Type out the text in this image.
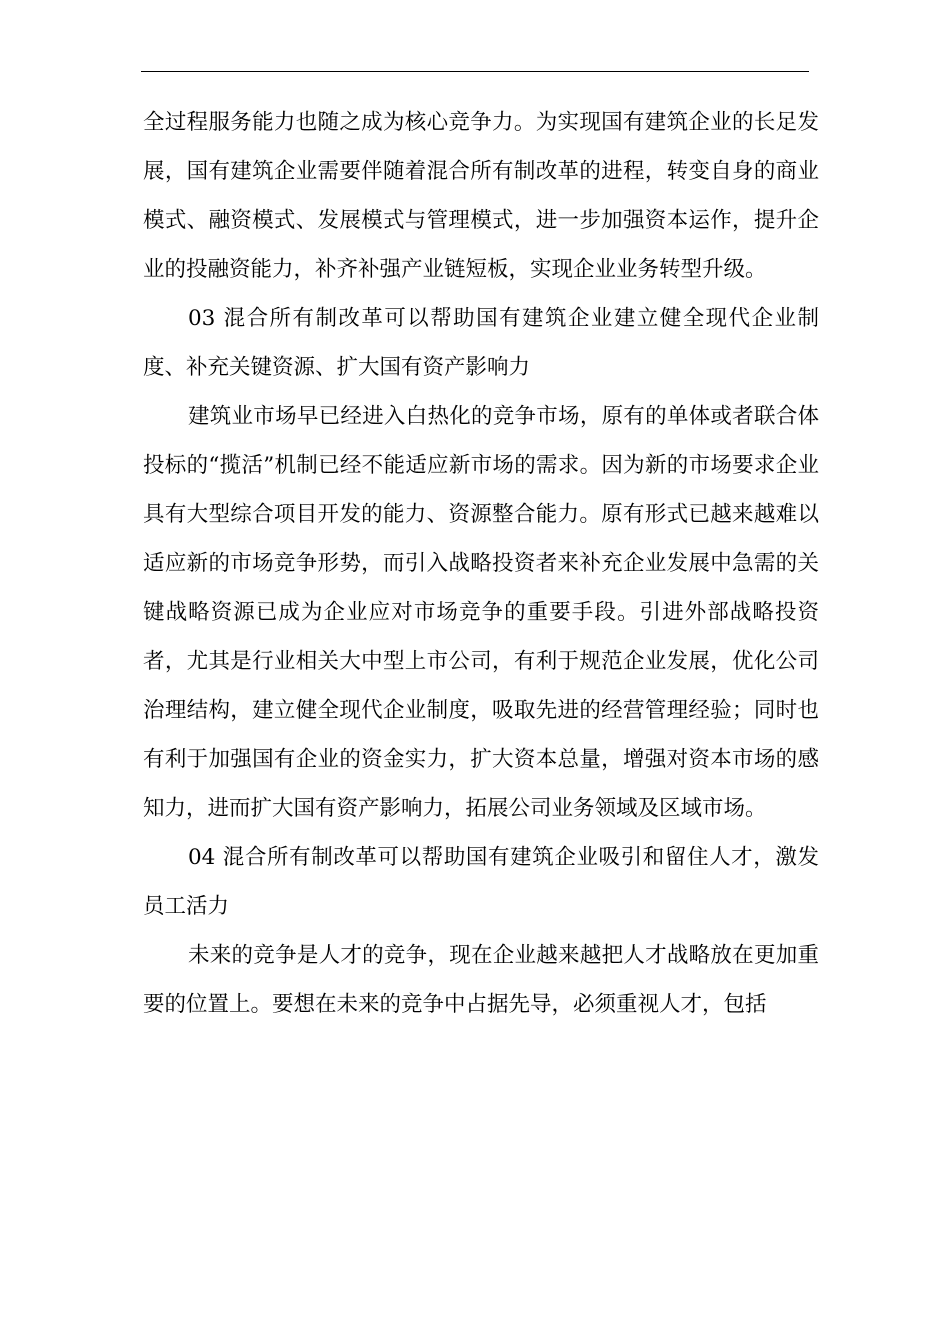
全过程服务能力也随之成为核心竞争力。为实现国有建筑企业的长足发展，国有建筑企业需要伴随着混合所有制改革的进程，转变自身的商业模式、融资模式、发展模式与管理模式，进一步加强资本运作，提升企业的投融资能力，补齐补强产业链短板，实现企业业务转型升级。

03 混合所有制改革可以帮助国有建筑企业建立健全现代企业制度、补充关键资源、扩大国有资产影响力

建筑业市场早已经进入白热化的竞争市场，原有的单体或者联合体投标的“揽活”机制已经不能适应新市场的需求。因为新的市场要求企业具有大型综合项目开发的能力、资源整合能力。原有形式已越来越难以适应新的市场竞争形势，而引入战略投资者来补充企业发展中急需的关键战略资源已成为企业应对市场竞争的重要手段。引进外部战略投资者，尤其是行业相关大中型上市公司，有利于规范企业发展，优化公司治理结构，建立健全现代企业制度，吸取先进的经营管理经验；同时也有利于加强国有企业的资金实力，扩大资本总量，增强对资本市场的感知力，进而扩大国有资产影响力，拓展公司业务领域及区域市场。

04 混合所有制改革可以帮助国有建筑企业吸引和留住人才，激发员工活力

未来的竞争是人才的竞争，现在企业越来越把人才战略放在更加重要的位置上。要想在未来的竞争中占据先导，必须重视人才，包括
